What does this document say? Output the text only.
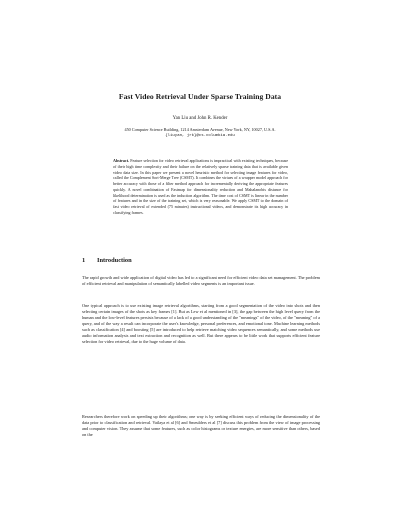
Fast Video Retrieval Under Sparse Training Data
Yan Liu and John R. Kender
450 Computer Science Building, 1214 Amsterdam Avenue, New York, NY, 10027, U.S.A.
{liuyan, jrk}@cs.columbia.edu
Abstract. Feature selection for video retrieval applications is impractical with existing techniques, because of their high time complexity and their failure on the relatively sparse training data that is available given video data size. In this paper we present a novel heuristic method for selecting image features for video, called the Complement Sort-Merge Tree (CSMT). It combines the virtues of a wrapper model approach for better accuracy with those of a filter method approach for incrementally deriving the appropriate features quickly. A novel combination of Fastmap for dimensionality reduction and Mahalanobis distance for likelihood determination is used as the induction algorithm. The time cost of CSMT is linear in the number of features and in the size of the training set, which is very reasonable. We apply CSMT to the domain of fast video retrieval of extended (75 minutes) instructional videos, and demonstrate its high accuracy in classifying frames.
1 Introduction
The rapid growth and wide application of digital video has led to a significant need for efficient video data set management. The problem of efficient retrieval and manipulation of semantically labelled video segments is an important issue.
One typical approach is to use existing image retrieval algorithms, starting from a good segmentation of the video into shots and then selecting certain images of the shots as key frames [1]. But as Lew et al mentioned in [3], the gap between the high level query from the human and the low-level features persists because of a lack of a good understanding of the "meanings" of the video, of the "meaning" of a query, and of the way a result can incorporate the user's knowledge, personal preferences, and emotional tone. Machine learning methods such as classification [4] and boosting [5] are introduced to help retrieve matching video sequences semantically, and some methods use audio information analysis and text extraction and recognition as well. But there appears to be little work that supports efficient feature selection for video retrieval, due to the huge volume of data.
Researchers therefore work on speeding up their algorithms; one way is by seeking efficient ways of reducing the dimensionality of the data prior to classification and retrieval. Vailaya et al [6] and Smeulders et al [7] discuss this problem from the view of image processing and computer vision. They assume that some features, such as color histograms or texture energies, are more sensitive than others, based on the
